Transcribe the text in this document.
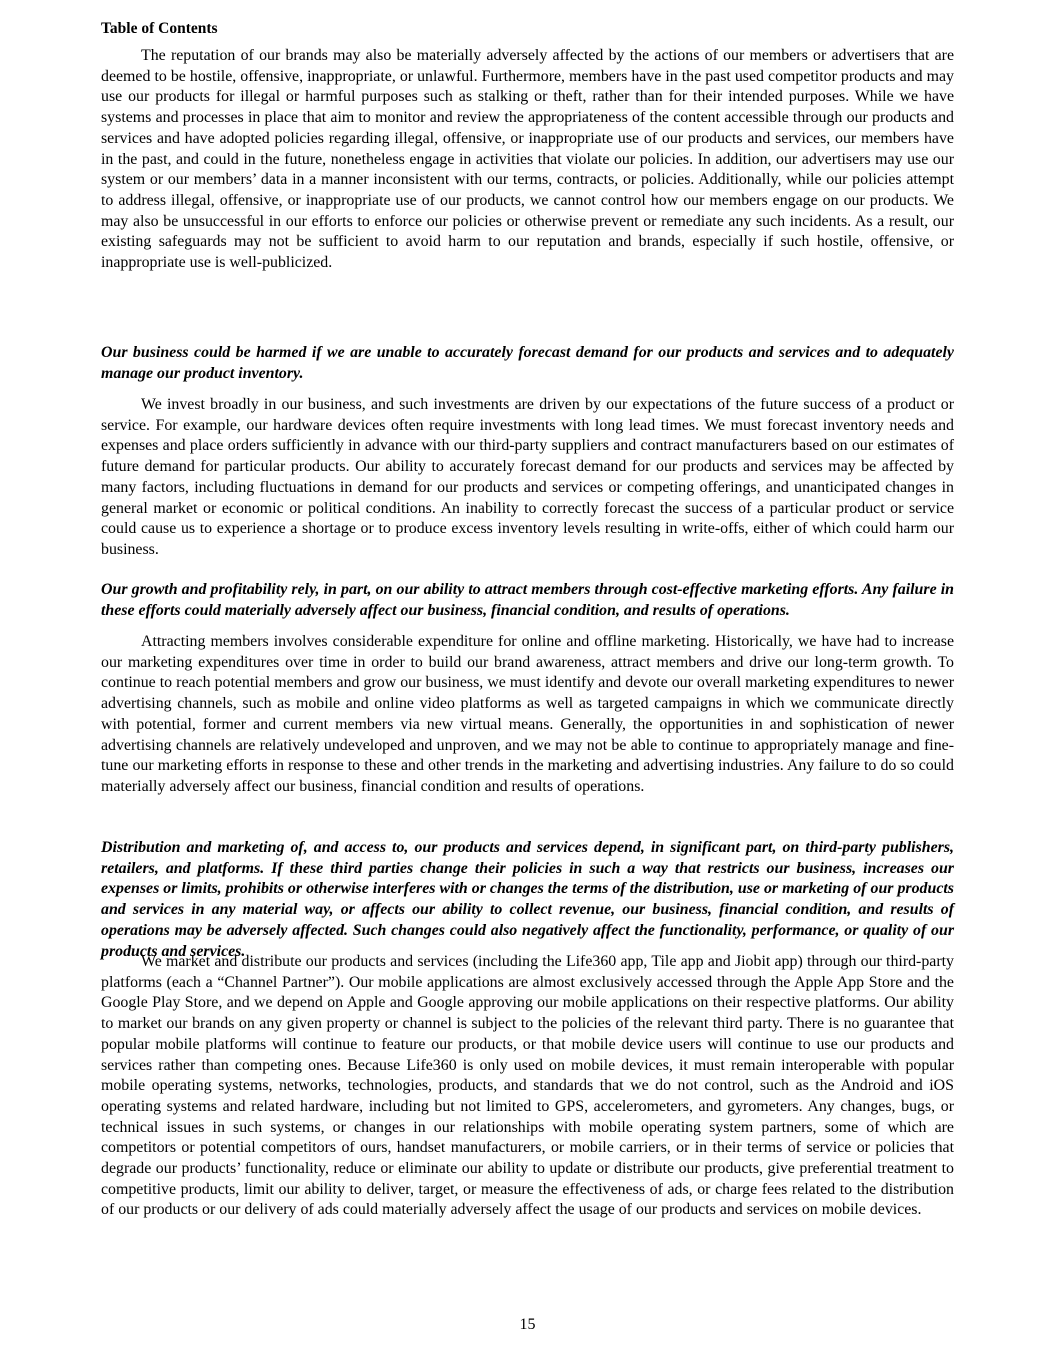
Table of Contents

The reputation of our brands may also be materially adversely affected by the actions of our members or advertisers that are deemed to be hostile, offensive, inappropriate, or unlawful. Furthermore, members have in the past used competitor products and may use our products for illegal or harmful purposes such as stalking or theft, rather than for their intended purposes. While we have systems and processes in place that aim to monitor and review the appropriateness of the content accessible through our products and services and have adopted policies regarding illegal, offensive, or inappropriate use of our products and services, our members have in the past, and could in the future, nonetheless engage in activities that violate our policies. In addition, our advertisers may use our system or our members’ data in a manner inconsistent with our terms, contracts, or policies. Additionally, while our policies attempt to address illegal, offensive, or inappropriate use of our products, we cannot control how our members engage on our products. We may also be unsuccessful in our efforts to enforce our policies or otherwise prevent or remediate any such incidents. As a result, our existing safeguards may not be sufficient to avoid harm to our reputation and brands, especially if such hostile, offensive, or inappropriate use is well-publicized.

Our business could be harmed if we are unable to accurately forecast demand for our products and services and to adequately manage our product inventory.

We invest broadly in our business, and such investments are driven by our expectations of the future success of a product or service. For example, our hardware devices often require investments with long lead times. We must forecast inventory needs and expenses and place orders sufficiently in advance with our third-party suppliers and contract manufacturers based on our estimates of future demand for particular products. Our ability to accurately forecast demand for our products and services may be affected by many factors, including fluctuations in demand for our products and services or competing offerings, and unanticipated changes in general market or economic or political conditions. An inability to correctly forecast the success of a particular product or service could cause us to experience a shortage or to produce excess inventory levels resulting in write-offs, either of which could harm our business.

Our growth and profitability rely, in part, on our ability to attract members through cost-effective marketing efforts. Any failure in these efforts could materially adversely affect our business, financial condition, and results of operations.

Attracting members involves considerable expenditure for online and offline marketing. Historically, we have had to increase our marketing expenditures over time in order to build our brand awareness, attract members and drive our long-term growth. To continue to reach potential members and grow our business, we must identify and devote our overall marketing expenditures to newer advertising channels, such as mobile and online video platforms as well as targeted campaigns in which we communicate directly with potential, former and current members via new virtual means. Generally, the opportunities in and sophistication of newer advertising channels are relatively undeveloped and unproven, and we may not be able to continue to appropriately manage and fine-tune our marketing efforts in response to these and other trends in the marketing and advertising industries. Any failure to do so could materially adversely affect our business, financial condition and results of operations.

Distribution and marketing of, and access to, our products and services depend, in significant part, on third-party publishers, retailers, and platforms. If these third parties change their policies in such a way that restricts our business, increases our expenses or limits, prohibits or otherwise interferes with or changes the terms of the distribution, use or marketing of our products and services in any material way, or affects our ability to collect revenue, our business, financial condition, and results of operations may be adversely affected. Such changes could also negatively affect the functionality, performance, or quality of our products and services.

We market and distribute our products and services (including the Life360 app, Tile app and Jiobit app) through our third-party platforms (each a “Channel Partner”). Our mobile applications are almost exclusively accessed through the Apple App Store and the Google Play Store, and we depend on Apple and Google approving our mobile applications on their respective platforms. Our ability to market our brands on any given property or channel is subject to the policies of the relevant third party. There is no guarantee that popular mobile platforms will continue to feature our products, or that mobile device users will continue to use our products and services rather than competing ones. Because Life360 is only used on mobile devices, it must remain interoperable with popular mobile operating systems, networks, technologies, products, and standards that we do not control, such as the Android and iOS operating systems and related hardware, including but not limited to GPS, accelerometers, and gyrometers. Any changes, bugs, or technical issues in such systems, or changes in our relationships with mobile operating system partners, some of which are competitors or potential competitors of ours, handset manufacturers, or mobile carriers, or in their terms of service or policies that degrade our products’ functionality, reduce or eliminate our ability to update or distribute our products, give preferential treatment to competitive products, limit our ability to deliver, target, or measure the effectiveness of ads, or charge fees related to the distribution of our products or our delivery of ads could materially adversely affect the usage of our products and services on mobile devices.

15
